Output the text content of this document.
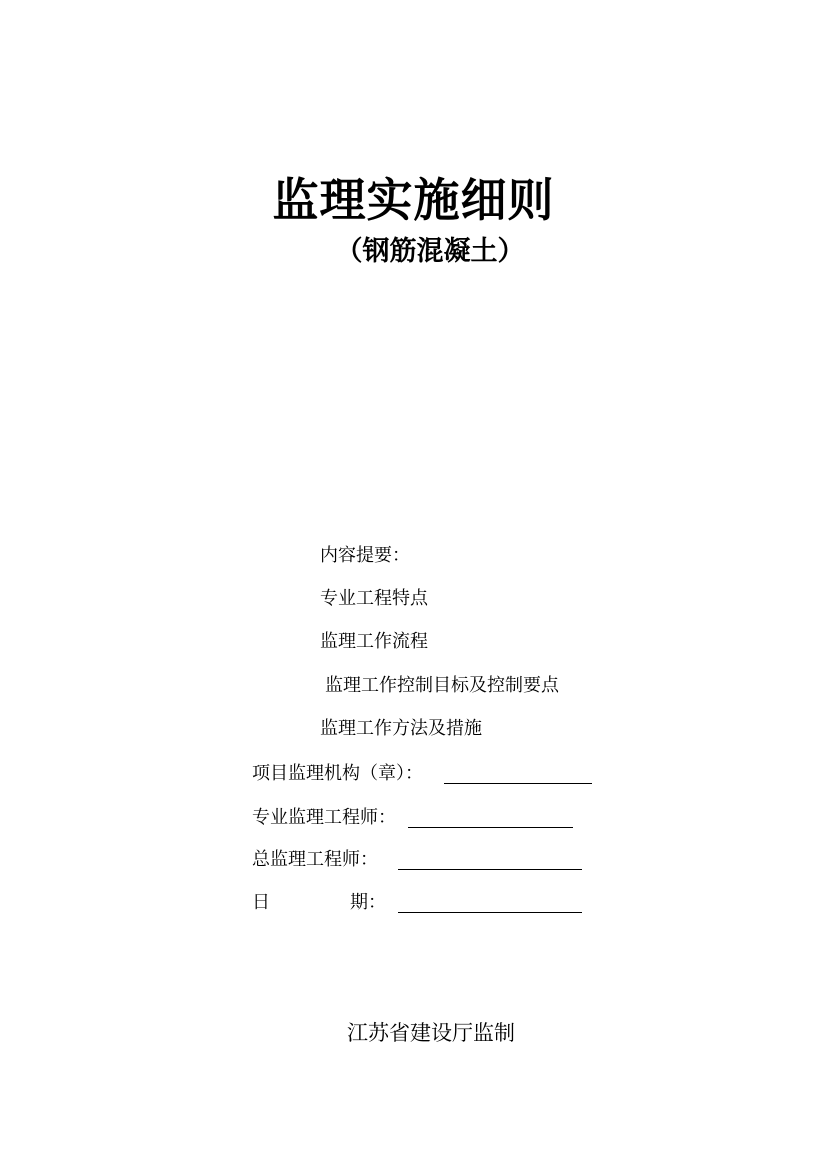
监理实施细则
（钢筋混凝土）
内容提要：
专业工程特点
监理工作流程
监理工作控制目标及控制要点
监理工作方法及措施
项目监理机构（章）：
专业监理工程师：
总监理工程师：
日	期：
江苏省建设厅监制
